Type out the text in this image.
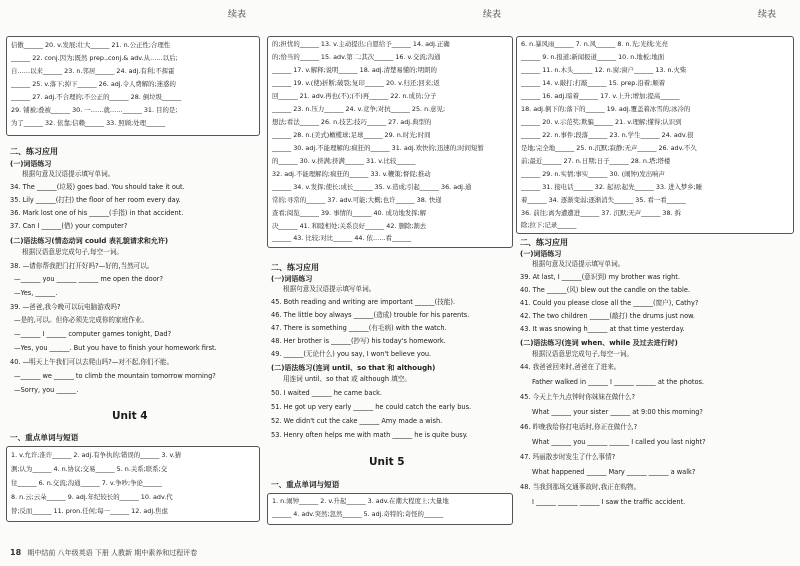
续表
信傲______ 20. v.发展;壮大______ 21. n.公正性;合理性
______ 22. conj.因为;既然 prep.,conj.& adv.从……以后;
自……以来______ 23. n.邻居______ 24. adj.有利;不挥霍
______ 25. v.落下;掉下______ 26. adj.令人费解的;迷惑的
______ 27. adj.不合理的;不公正的______ 28. 倒垃圾______
29. 铺被;叠被______ 30. 一……就……______ 31. 目的是;
为了______ 32. 依靠;信赖______ 33. 照顾;处理______
二、练习应用
(一)词语练习
根据句意及汉语提示填写单词。
34. The ______(垃圾) goes bad. You should take it out.
35. Lily ______(打扫) the floor of her room every day.
36. Mark lost one of his ______(手指) in that accident.
37. Can I ______(借) your computer?
(二)语法练习(情态动词 could 表礼貌请求和允许)
根据汉语意思完成句子,每空一词。
38. —请你帮我把门打开好吗?—好的,当然可以。
—______ you ______ ______ me open the door?
—Yes, ______.
39. —爸爸,我今晚可以玩电脑游戏吗?
—是的,可以。但你必须先完成你的家庭作业。
—______ I ______ computer games tonight, Dad?
—Yes, you ______. But you have to finish your homework first.
40. —明天上午我们可以去爬山吗?—对不起,你们不能。
—______ we ______ to climb the mountain tomorrow morning?
—Sorry, you ______.
Unit 4
一、重点单词与短语
1. v.允许;准许______ 2. adj.有争执的;错误的______ 3. v.猜
测;认为______ 4. n.协议;交易______ 5. n.关系;联系;交
往______ 6. n.交流;沟通______ 7. v.争吵;争论______
8. n.云;云朵______ 9. adj.年纪较长的______ 10. adv.代
替;反而______ 11. pron.任何;每一______ 12. adj.焦虑
续表
的;担忧的______ 13. v.主动提出;自愿给予______ 14. adj.正确
的;恰当的______ 15. adv.第二;其次______ 16. v.交流;沟通
______ 17. v.解释;说明______ 18. adj.清楚易懂的;明朗的
______ 19. v.(使)折断;破裂;复印______ 20. v.归还;回来;返
回______ 21. adv.再也(不);(不)再______ 22. n.成员;分子
______ 23. n.压力______ 24. v.竞争;对抗______ 25. n.意见;
想法;看法______ 26. n.技艺;技巧______ 27. adj.典型的
______ 28. n.(美式)橄榄球;足球______ 29. n.时光;时间
______ 30. adj.不能理解的;疯狂的______ 31. adj.欢快的;迅速的;时间短暂
的______ 30. v.挤满;挤满______ 31. v.比较______
32. adj.不能理解的;疯狂的______ 33. v.鞭策;督促;推动
______ 34. v.发挥;使长;成长______ 35. v.造成;引起______ 36. adj.通
常的;寻常的______ 37. adv.可能;大概;也许______ 38. 快递
查看;阅览______ 39. 事情的______ 40. 成功地发挥;解
决______ 41. 和睦相处;关系良好______ 42. 删除;割去
______ 43. 比较;对比______ 44. 依……看______
二、练习应用
(一)词语练习
根据句意及汉语提示填写单词。
45. Both reading and writing are important ______(技能).
46. The little boy always ______(造成) trouble for his parents.
47. There is something ______(有毛病) with the watch.
48. Her brother is ______(抄写) his today's homework.
49. ______(无论什么) you say, I won't believe you.
(二)语法练习(连词 until、so that 和 although)
用连词 until、so that 或 although 填空。
50. I waited ______ he came back.
51. He got up very early ______ he could catch the early bus.
52. We didn't cut the cake ______ Amy made a wish.
53. Henry often helps me with math ______ he is quite busy.
Unit 5
一、重点单词与短语
1. n.闹钟______ 2. v.升起______ 3. adv.在潮大程度上;大量地
______ 4. adv.突然;忽然______ 5. adj.奇特的;奇怪的______
续表
6. n.暴风雨______ 7. n.风______ 8. n.光;光线;光亮
______ 9. n.报道;新闻报道______ 10. n.地板;地面
______ 11. n.木头______ 12. n.窗;窗户______ 13. n.火柴
______ 14. v.敲打;打敲______ 15. prep.沿着;顺着
______ 16. adj.暗着______ 17. v.上升;增加;提高______
18. adj.倒下的;落下的______ 19. adj.覆盖着冰雪的;冰冷的
______ 20. v.示范奖;欺骗______ 21. v.理解;懂得;认识到
______ 22. n.事件;段落______ 23. n.学生______ 24. adv.很
是地;完全地______ 25. n.沉默;寂静;无声______ 26. adv.不久
前;最近______ 27. n.日期;日子______ 28. n.塔;塔楼
______ 29. n.实情;事实______ 30. (闹钟)发出响声
______ 31. 接电话______ 32. 起初;起先______ 33. 进入梦乡;睡
着______ 34. 逐渐变弱;逐渐消失______ 35. 看一看______
36. 前往;离为遭遭进______ 37. 沉默;无声______ 38. 拆
除;拉下;记录______
二、练习应用
(一)词语练习
根据句意及汉语提示填写单词。
39. At last, I ______(意识到) my brother was right.
40. The ______(风) blew out the candle on the table.
41. Could you please close all the ______(窗户), Cathy?
42. The two children ______(敲打) the drums just now.
43. It was snowing h______ at that time yesterday.
(二)语法练习(连词 when、while 及过去进行时)
根据汉语意思完成句子,每空一词。
44. 我爸爸回来时,爸爸在了进来。
Father walked in ______ I ______ ______ at the photos.
45. 今天上午九点钟时你妹妹在做什么?
What ______ your sister ______ at 9:00 this morning?
46. 昨晚我给你打电话时,你正在做什么?
What ______ you ______ ______ I called you last night?
47. 玛丽散步时发生了什么事情?
What happened ______ Mary ______ ______ a walk?
48. 当我到那场交通事故时,我正在购物。
I ______ ______ ______ I saw the traffic accident.
18 期中结前 八年级英语 下册 人教新 期中素养和过程评卷
